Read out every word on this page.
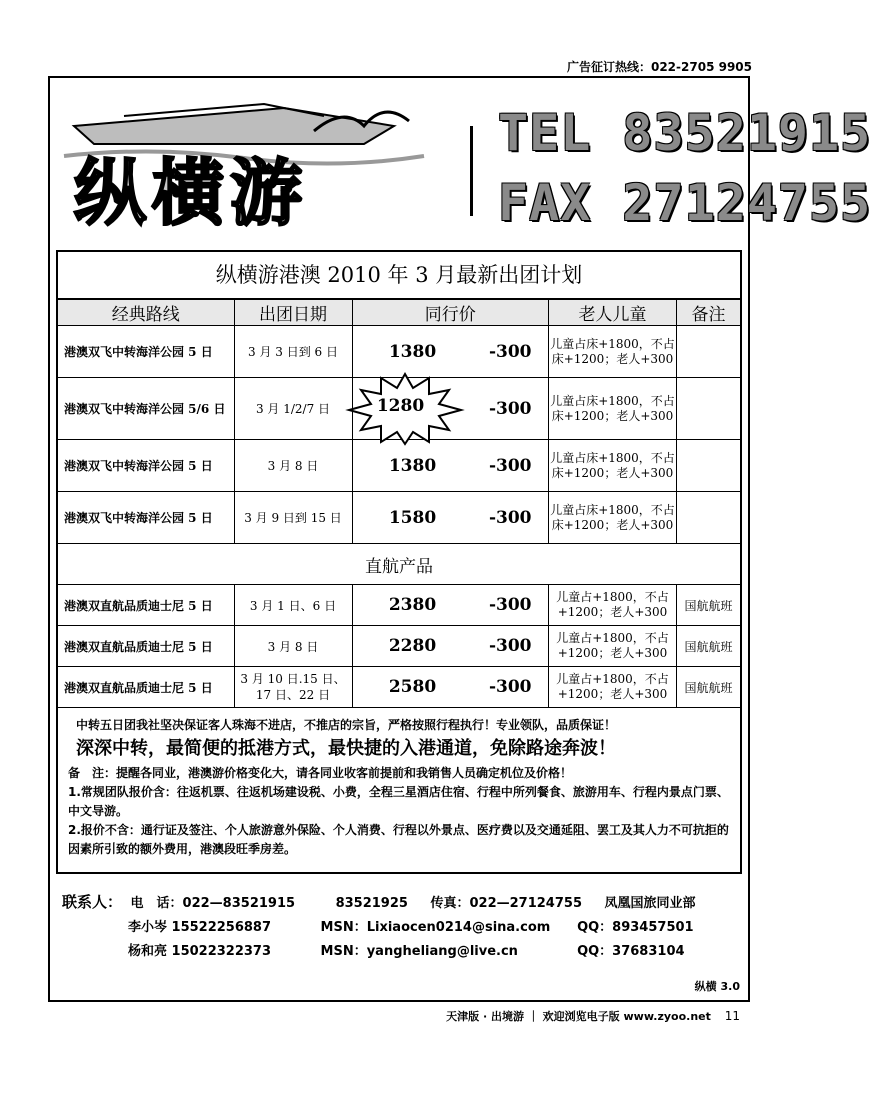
广告征订热线：022-2705 9905
纵横游
TEL 83521915
FAX 27124755
纵横游港澳 2010 年 3 月最新出团计划
经典路线	出团日期	同行价		老人儿童	备注
港澳双飞中转海洋公园 5 日	3 月 3 日到 6 日	1380	-300	儿童占床+1800，不占床+1200；老人+300	
港澳双飞中转海洋公园 5/6 日	3 月 1/2/7 日	1280	-300	儿童占床+1800，不占床+1200；老人+300	
港澳双飞中转海洋公园 5 日	3 月 8 日	1380	-300	儿童占床+1800，不占床+1200；老人+300	
港澳双飞中转海洋公园 5 日	3 月 9 日到 15 日	1580	-300	儿童占床+1800，不占床+1200；老人+300	
直航产品					
港澳双直航品质迪士尼 5 日	3 月 1 日、6 日	2380	-300	儿童占+1800，不占+1200；老人+300	国航航班
港澳双直航品质迪士尼 5 日	3 月 8 日	2280	-300	儿童占+1800，不占+1200；老人+300	国航航班
港澳双直航品质迪士尼 5 日	3 月 10 日.15 日、17 日、22 日	2580	-300	儿童占+1800，不占+1200；老人+300	国航航班

中转五日团我社坚决保证客人珠海不进店，不推店的宗旨，严格按照行程执行！专业领队，品质保证！

深深中转，最简便的抵港方式，最快捷的入港通道，免除路途奔波！

备　注：提醒各同业，港澳游价格变化大，请各同业收客前提前和我销售人员确定机位及价格！

1.常规团队报价含：往返机票、往返机场建设税、小费，全程三星酒店住宿、行程中所列餐食、旅游用车、行程内景点门票、中文导游。

2.报价不含：通行证及签注、个人旅游意外保险、个人消费、行程以外景点、医疗费以及交通延阻、罢工及其人力不可抗拒的因素所引致的额外费用，港澳段旺季房差。

联系人： 电　话：022—83521915	83521925 传真：022—27124755 凤凰国旅同业部
李小岑 15522256887	MSN：Lixiaocen0214@sina.com QQ：893457501
杨和亮 15022322373	MSN：yangheliang@live.cn	QQ：37683104
纵横 3.0
天津版 · 出境游 ｜ 欢迎浏览电子版 www.zyoo.net 11
